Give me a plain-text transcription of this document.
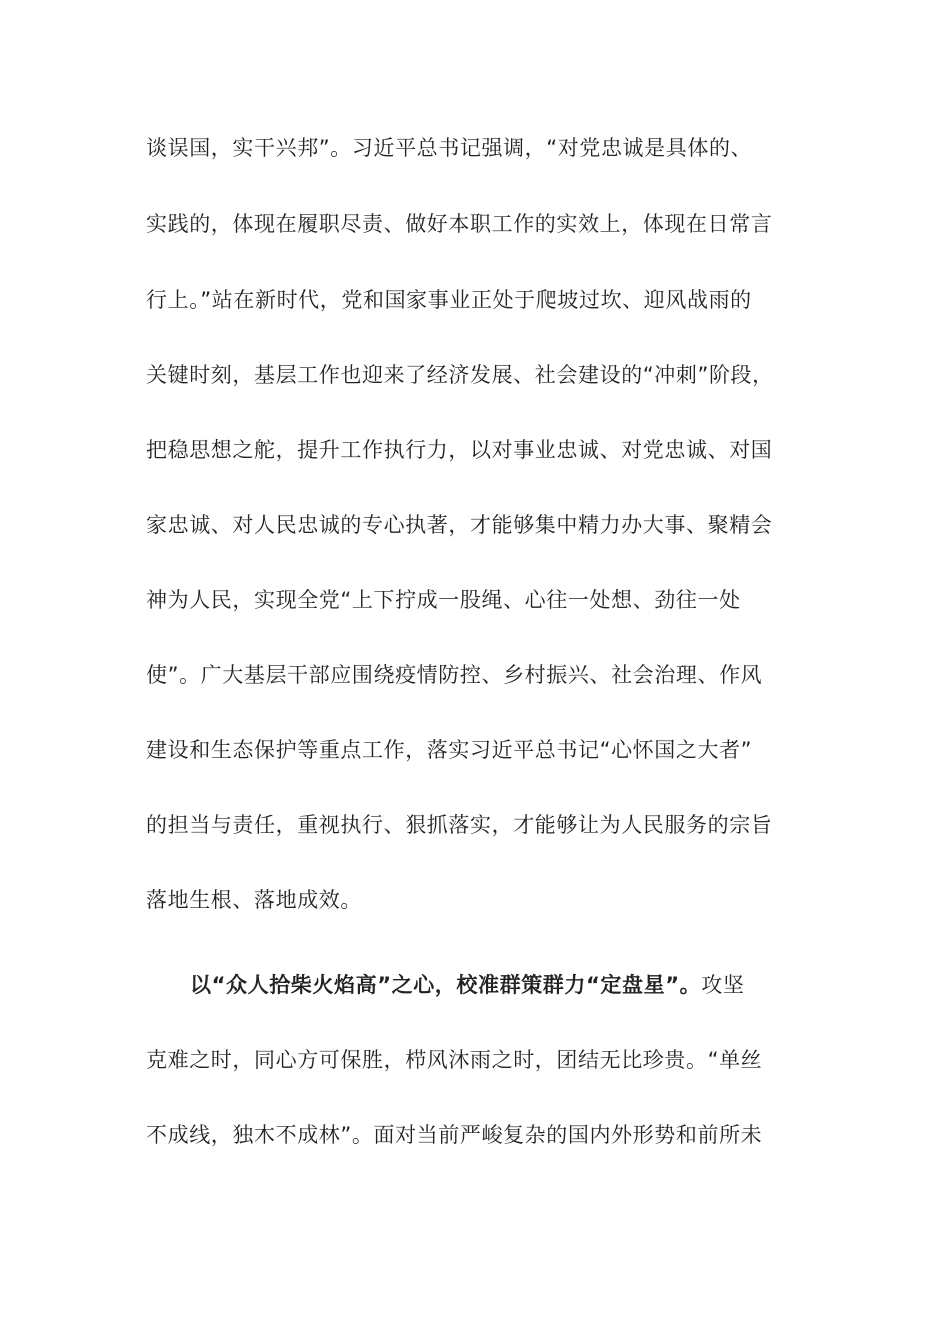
谈误国，实干兴邦”。习近平总书记强调，“对党忠诚是具体的、
实践的，体现在履职尽责、做好本职工作的实效上，体现在日常言
行上。”站在新时代，党和国家事业正处于爬坡过坎、迎风战雨的
关键时刻，基层工作也迎来了经济发展、社会建设的“冲刺”阶段，
把稳思想之舵，提升工作执行力，以对事业忠诚、对党忠诚、对国
家忠诚、对人民忠诚的专心执著，才能够集中精力办大事、聚精会
神为人民，实现全党“上下拧成一股绳、心往一处想、劲往一处
使”。广大基层干部应围绕疫情防控、乡村振兴、社会治理、作风
建设和生态保护等重点工作，落实习近平总书记“心怀国之大者”
的担当与责任，重视执行、狠抓落实，才能够让为人民服务的宗旨
落地生根、落地成效。
以“众人拾柴火焰高”之心，校准群策群力“定盘星”。攻坚
克难之时，同心方可保胜，栉风沐雨之时，团结无比珍贵。“单丝
不成线，独木不成林”。面对当前严峻复杂的国内外形势和前所未
